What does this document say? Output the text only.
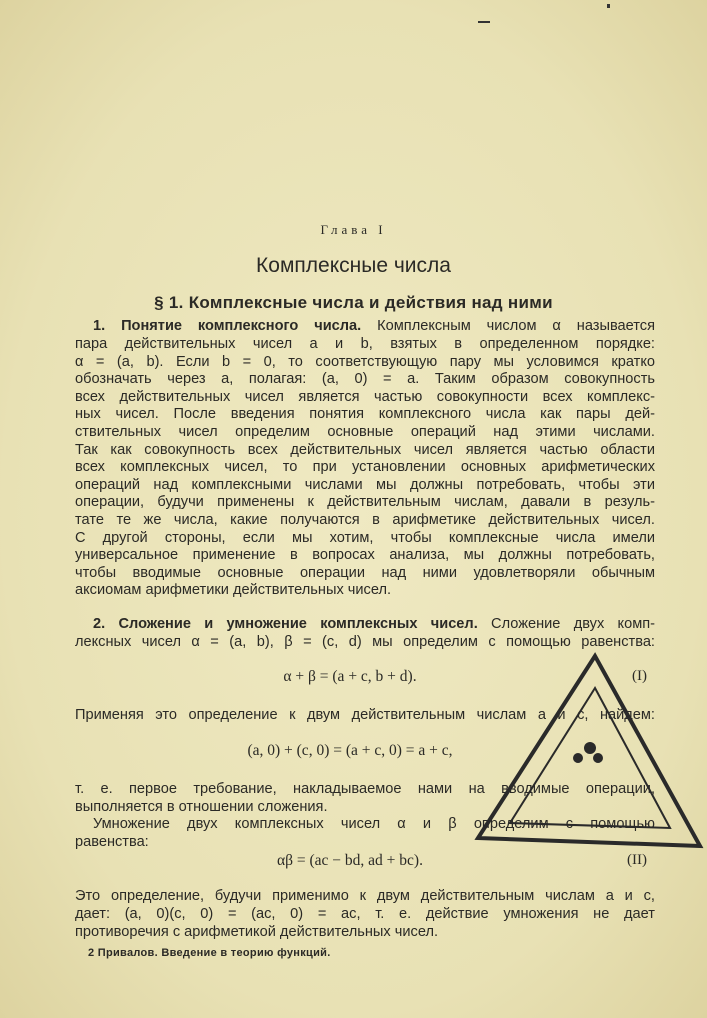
Глава I
Комплексные числа
§ 1. Комплексные числа и действия над ними
1. Понятие комплексного числа. Комплексным числом α называется
пара действительных чисел a и b, взятых в определенном порядке:
α = (a, b). Если b = 0, то соответствующую пару мы условимся кратко
обозначать через a, полагая: (a, 0) = a. Таким образом совокупность
всех действительных чисел является частью совокупности всех комплекс-
ных чисел. После введения понятия комплексного числа как пары дей-
ствительных чисел определим основные операций над этими числами.
Так как совокупность всех действительных чисел является частью области
всех комплексных чисел, то при установлении основных арифметических
операций над комплексными числами мы должны потребовать, чтобы эти
операции, будучи применены к действительным числам, давали в резуль-
тате те же числа, какие получаются в арифметике действительных чисел.
С другой стороны, если мы хотим, чтобы комплексные числа имели
универсальное применение в вопросах анализа, мы должны потребовать,
чтобы вводимые основные операции над ними удовлетворяли обычным
аксиомам арифметики действительных чисел.
2. Сложение и умножение комплексных чисел. Сложение двух комп-
лексных чисел α = (a, b), β = (c, d) мы определим с помощью равенства:
α + β = (a + c, b + d).	(I)
Применяя это определение к двум действительным числам a и c, найдем:
(a, 0) + (c, 0) = (a + c, 0) = a + c,
т. е. первое требование, накладываемое нами на вводимые операции,
выполняется в отношении сложения.
Умножение двух комплексных чисел α и β определим с помощью
равенства:
αβ = (ac − bd, ad + bc).	(II)
Это определение, будучи применимо к двум действительным числам a и c,
дает: (a, 0)(c, 0) = (ac, 0) = ac, т. е. действие умножения не дает
противоречия с арифметикой действительных чисел.
2 Привалов. Введение в теорию функций.
